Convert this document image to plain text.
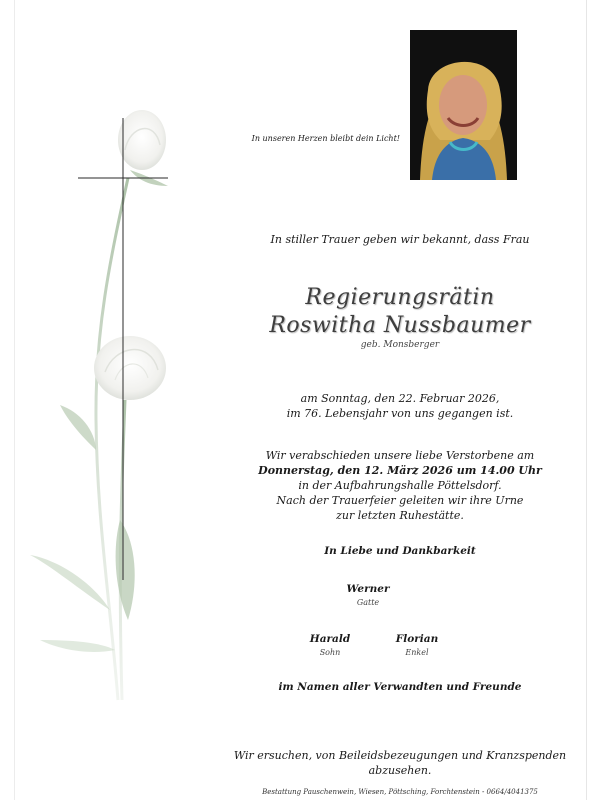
In unseren Herzen bleibt dein Licht!
In stiller Trauer geben wir bekannt, dass Frau
Regierungsrätin
Roswitha Nussbaumer
geb. Monsberger
am Sonntag, den 22. Februar 2026,
im 76. Lebensjahr von uns gegangen ist.
Wir verabschieden unsere liebe Verstorbene am
Donnerstag, den 12. März 2026 um 14.00 Uhr
in der Aufbahrungshalle Pöttelsdorf.
Nach der Trauerfeier geleiten wir ihre Urne
zur letzten Ruhestätte.
In Liebe und Dankbarkeit
Werner
Gatte
Harald
Sohn
Florian
Enkel
im Namen aller Verwandten und Freunde
Wir ersuchen, von Beileidsbezeugungen und Kranzspenden
abzusehen.
Bestattung Pauschenwein, Wiesen, Pöttsching, Forchtenstein - 0664/4041375
